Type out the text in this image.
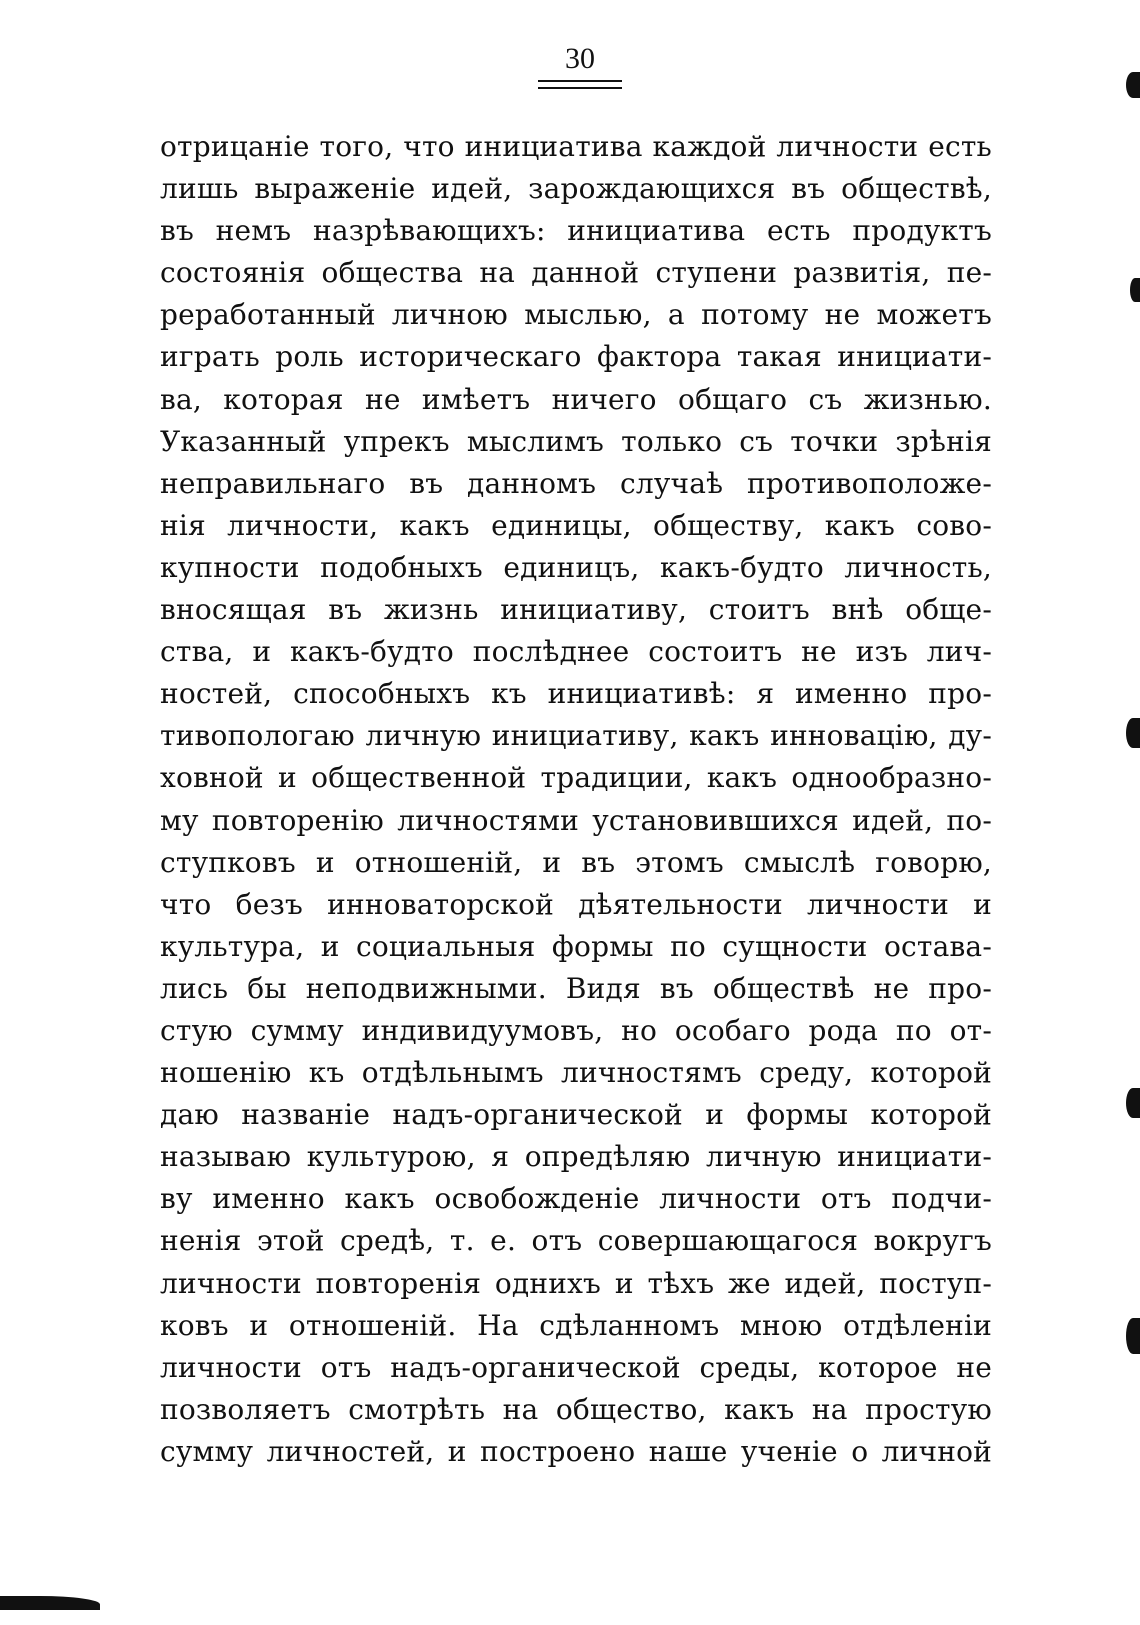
30
отрицаніе того, что инициатива каждой личности есть
лишь выраженіе идей, зарождающихся въ обществѣ,
въ немъ назрѣвающихъ: инициатива есть продуктъ
состоянія общества на данной ступени развитія, пе-
реработанный личною мыслью, а потому не можетъ
играть роль историческаго фактора такая инициати-
ва, которая не имѣетъ ничего общаго съ жизнью.
Указанный упрекъ мыслимъ только съ точки зрѣнія
неправильнаго въ данномъ случаѣ противоположе-
нія личности, какъ единицы, обществу, какъ сово-
купности подобныхъ единицъ, какъ-будто личность,
вносящая въ жизнь инициативу, стоитъ внѣ обще-
ства, и какъ-будто послѣднее состоитъ не изъ лич-
ностей, способныхъ къ инициативѣ: я именно про-
тивопологаю личную инициативу, какъ инновацію, ду-
ховной и общественной традиции, какъ однообразно-
му повторенію личностями установившихся идей, по-
ступковъ и отношеній, и въ этомъ смыслѣ говорю,
что безъ инноваторской дѣятельности личности и
культура, и социальныя формы по сущности остава-
лись бы неподвижными. Видя въ обществѣ не про-
стую сумму индивидуумовъ, но особаго рода по от-
ношенію къ отдѣльнымъ личностямъ среду, которой
даю названіе надъ-органической и формы которой
называю культурою, я опредѣляю личную инициати-
ву именно какъ освобожденіе личности отъ подчи-
ненія этой средѣ, т. е. отъ совершающагося вокругъ
личности повторенія однихъ и тѣхъ же идей, поступ-
ковъ и отношеній. На сдѣланномъ мною отдѣленіи
личности отъ надъ-органической среды, которое не
позволяетъ смотрѣть на общество, какъ на простую
сумму личностей, и построено наше ученіе о личной
